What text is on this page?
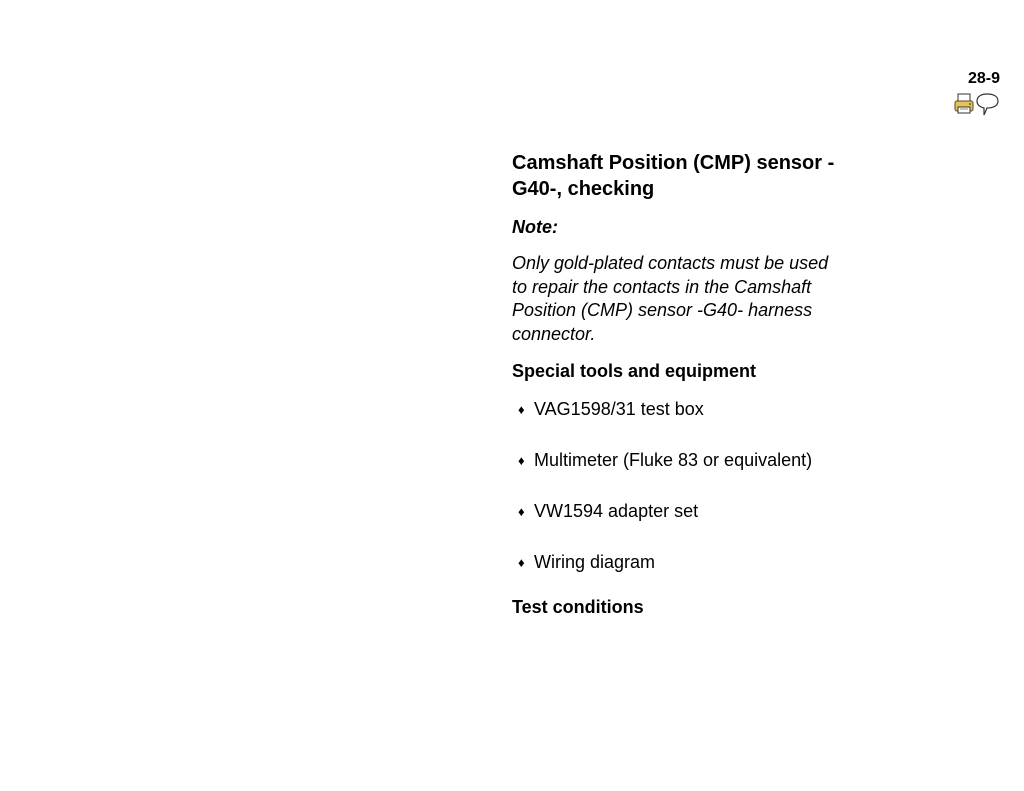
28-9
Camshaft Position (CMP) sensor -G40-, checking
Note:
Only gold-plated contacts must be used to repair the contacts in the Camshaft Position (CMP) sensor -G40- harness connector.
Special tools and equipment
♦ VAG1598/31 test box
♦ Multimeter (Fluke 83 or equivalent)
♦ VW1594 adapter set
♦ Wiring diagram
Test conditions
